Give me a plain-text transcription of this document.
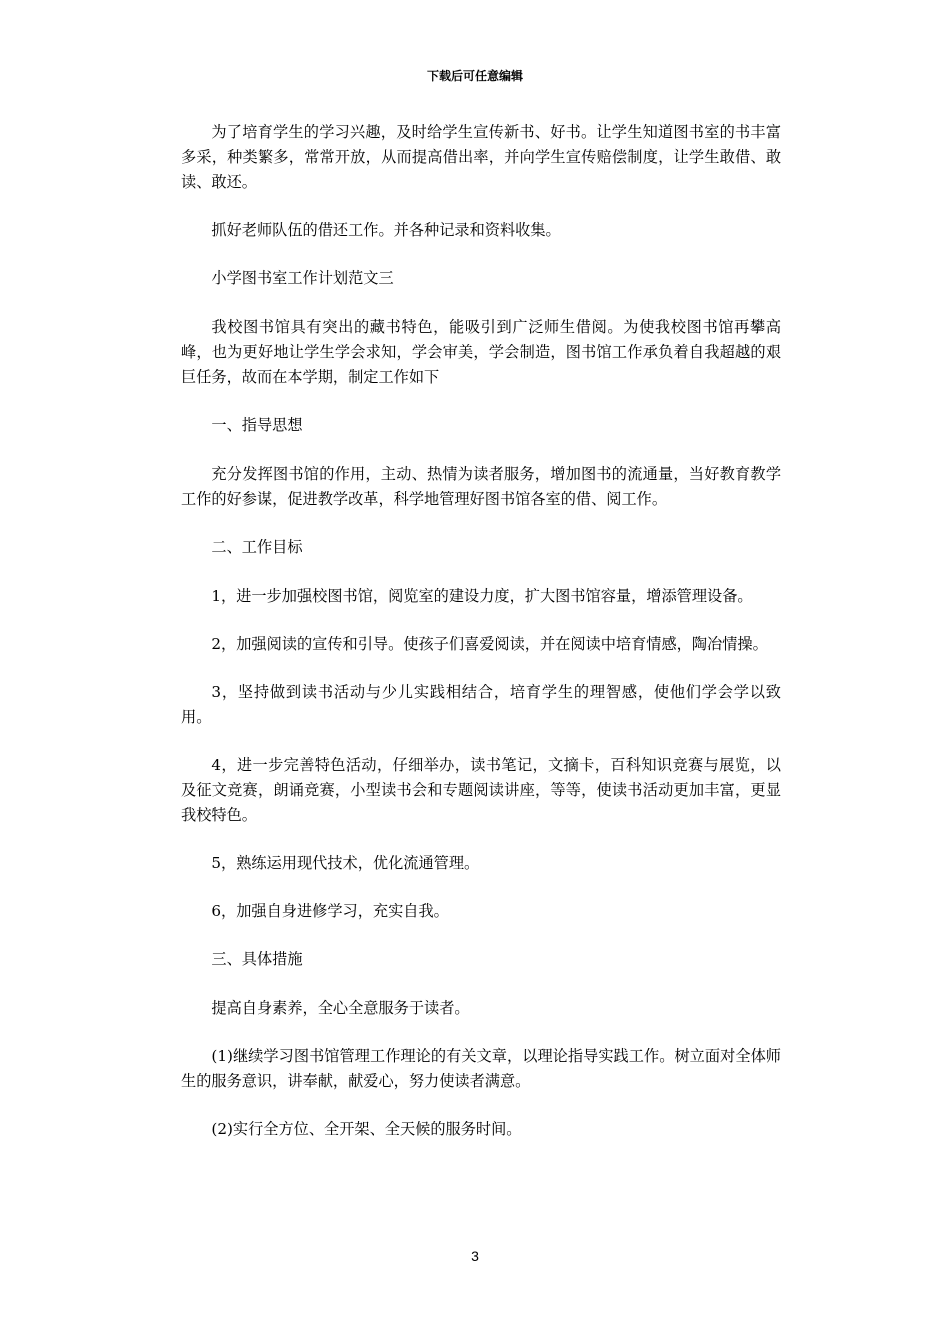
下载后可任意编辑

为了培育学生的学习兴趣，及时给学生宣传新书、好书。让学生知道图书室的书丰富多采，种类繁多，常常开放，从而提高借出率，并向学生宣传赔偿制度，让学生敢借、敢读、敢还。

抓好老师队伍的借还工作。并各种记录和资料收集。

小学图书室工作计划范文三

我校图书馆具有突出的藏书特色，能吸引到广泛师生借阅。为使我校图书馆再攀高峰，也为更好地让学生学会求知，学会审美，学会制造，图书馆工作承负着自我超越的艰巨任务，故而在本学期，制定工作如下

一、指导思想

充分发挥图书馆的作用，主动、热情为读者服务，增加图书的流通量，当好教育教学工作的好参谋，促进教学改革，科学地管理好图书馆各室的借、阅工作。

二、工作目标

1，进一步加强校图书馆，阅览室的建设力度，扩大图书馆容量，增添管理设备。

2，加强阅读的宣传和引导。使孩子们喜爱阅读，并在阅读中培育情感，陶冶情操。

3，坚持做到读书活动与少儿实践相结合，培育学生的理智感，使他们学会学以致用。

4，进一步完善特色活动，仔细举办，读书笔记，文摘卡，百科知识竞赛与展览，以及征文竞赛，朗诵竞赛，小型读书会和专题阅读讲座，等等，使读书活动更加丰富，更显我校特色。

5，熟练运用现代技术，优化流通管理。

6，加强自身进修学习，充实自我。

三、具体措施

提高自身素养，全心全意服务于读者。

(1)继续学习图书馆管理工作理论的有关文章，以理论指导实践工作。树立面对全体师生的服务意识，讲奉献，献爱心，努力使读者满意。

(2)实行全方位、全开架、全天候的服务时间。

3
